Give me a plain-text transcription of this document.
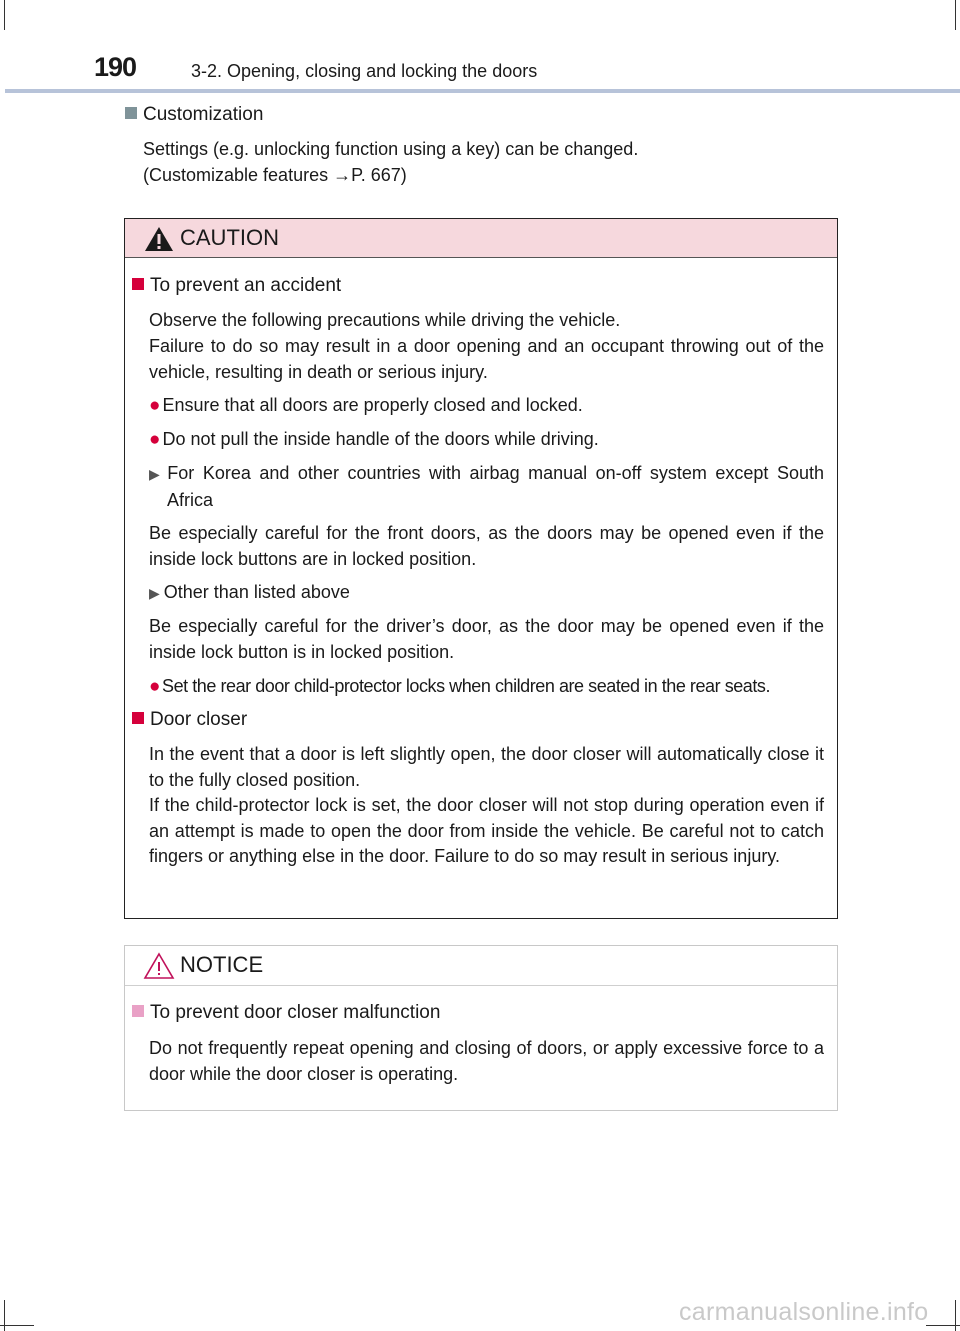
190	3-2. Opening, closing and locking the doors
Customization
Settings (e.g. unlocking function using a key) can be changed.
(Customizable features →P. 667)
CAUTION
To prevent an accident
Observe the following precautions while driving the vehicle.
Failure to do so may result in a door opening and an occupant throwing out of the vehicle, resulting in death or serious injury.
● Ensure that all doors are properly closed and locked.
● Do not pull the inside handle of the doors while driving.
▶ For Korea and other countries with airbag manual on-off system except South Africa
Be especially careful for the front doors, as the doors may be opened even if the inside lock buttons are in locked position.
▶ Other than listed above
Be especially careful for the driver’s door, as the door may be opened even if the inside lock button is in locked position.
● Set the rear door child-protector locks when children are seated in the rear seats.
Door closer
In the event that a door is left slightly open, the door closer will automatically close it to the fully closed position.
If the child-protector lock is set, the door closer will not stop during operation even if an attempt is made to open the door from inside the vehicle. Be careful not to catch fingers or anything else in the door. Failure to do so may result in serious injury.
NOTICE
To prevent door closer malfunction
Do not frequently repeat opening and closing of doors, or apply excessive force to a door while the door closer is operating.
carmanualsonline.info
